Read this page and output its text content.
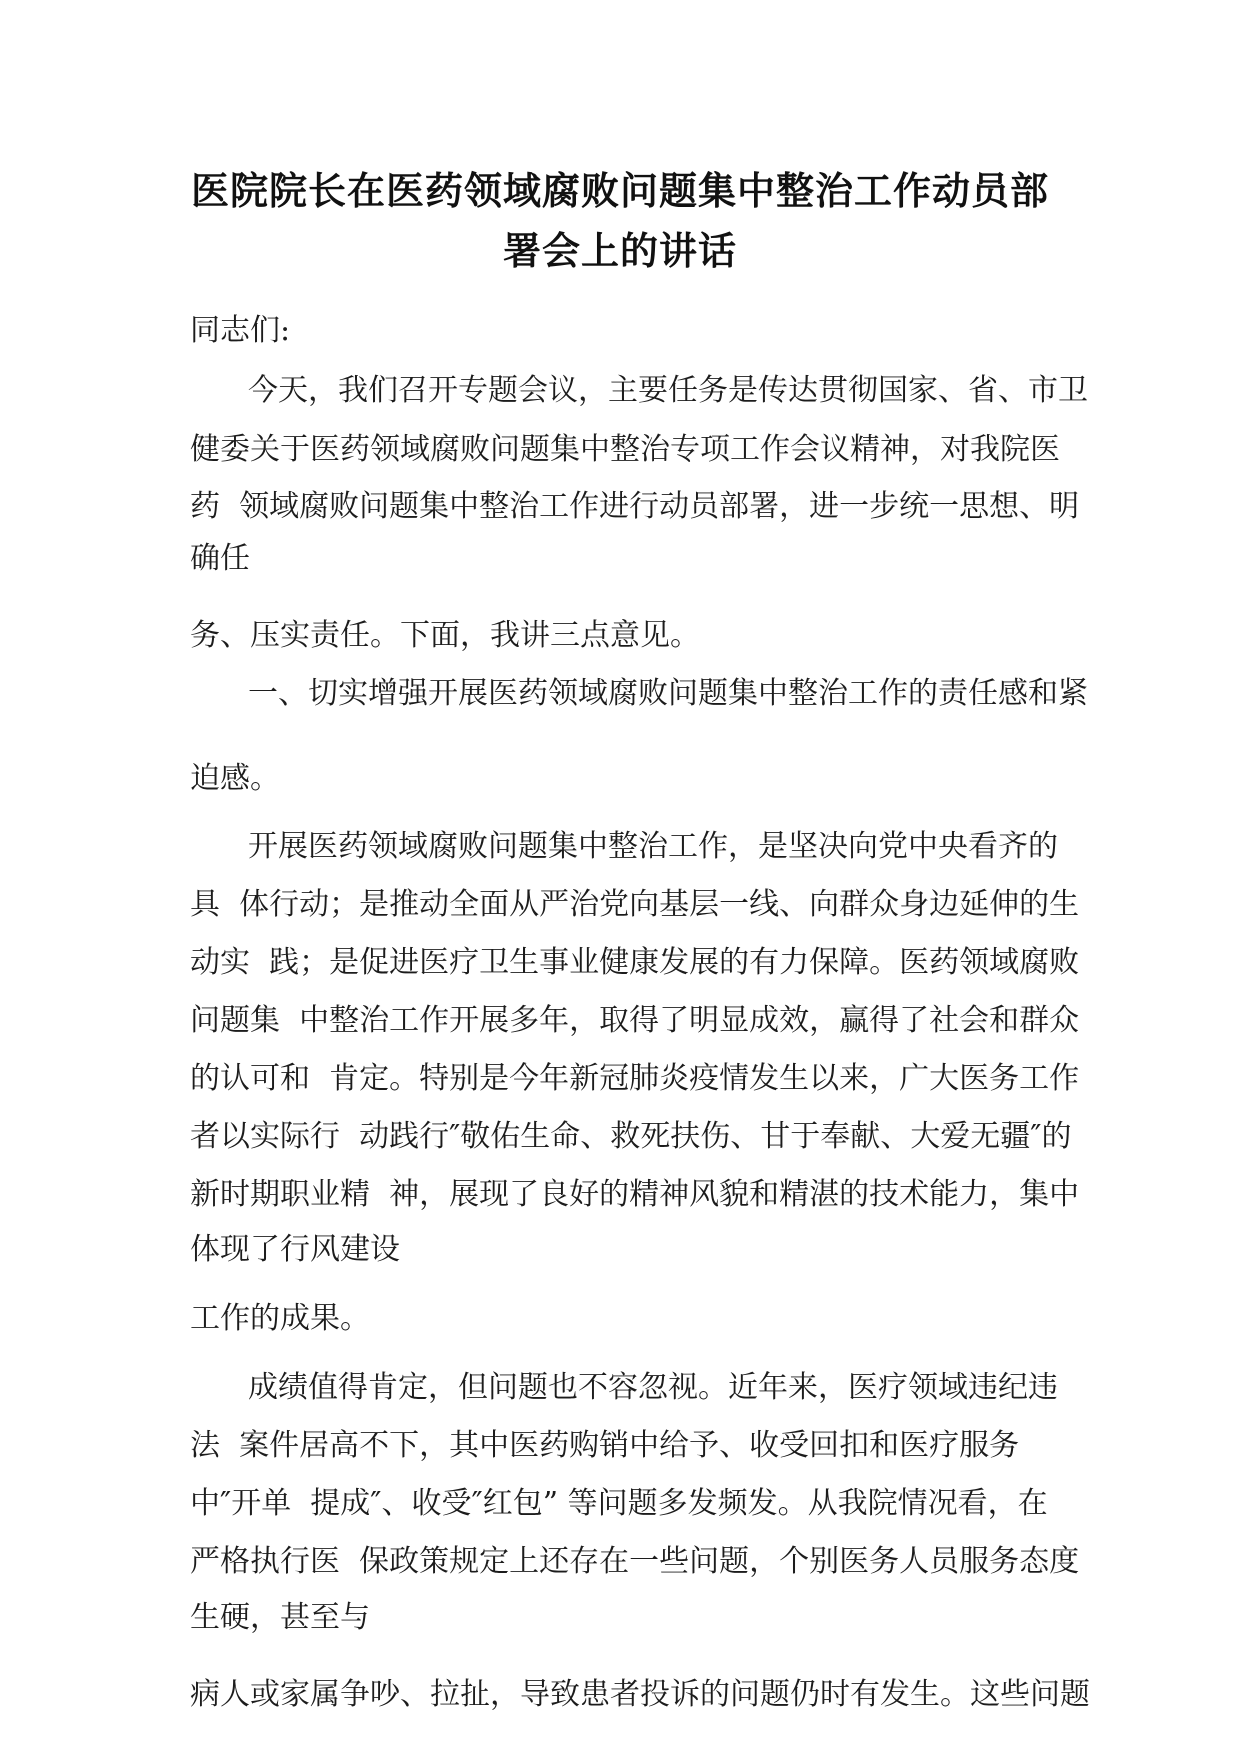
医院院长在医药领域腐败问题集中整治工作动员部
署会上的讲话
同志们:
今天，我们召开专题会议，主要任务是传达贯彻国家、省、市卫
健委关于医药领域腐败问题集中整治专项工作会议精神，对我院医
药  领域腐败问题集中整治工作进行动员部署，进一步统一思想、明
确任
务、压实责任。下面，我讲三点意见。
一、切实增强开展医药领域腐败问题集中整治工作的责任感和紧
迫感。
开展医药领域腐败问题集中整治工作，是坚决向党中央看齐的
具  体行动；是推动全面从严治党向基层一线、向群众身边延伸的生
动实  践；是促进医疗卫生事业健康发展的有力保障。医药领域腐败
问题集  中整治工作开展多年，取得了明显成效，赢得了社会和群众
的认可和  肯定。特别是今年新冠肺炎疫情发生以来，广大医务工作
者以实际行  动践行″敬佑生命、救死扶伤、甘于奉献、大爱无疆″的
新时期职业精  神，展现了良好的精神风貌和精湛的技术能力，集中
体现了行风建设
工作的成果。
成绩值得肯定，但问题也不容忽视。近年来，医疗领域违纪违
法  案件居高不下，其中医药购销中给予、收受回扣和医疗服务
中″开单  提成″、收受″红包” 等问题多发频发。从我院情况看，在
严格执行医  保政策规定上还存在一些问题，个别医务人员服务态度
生硬，甚至与
病人或家属争吵、拉扯，导致患者投诉的问题仍时有发生。这些问题
